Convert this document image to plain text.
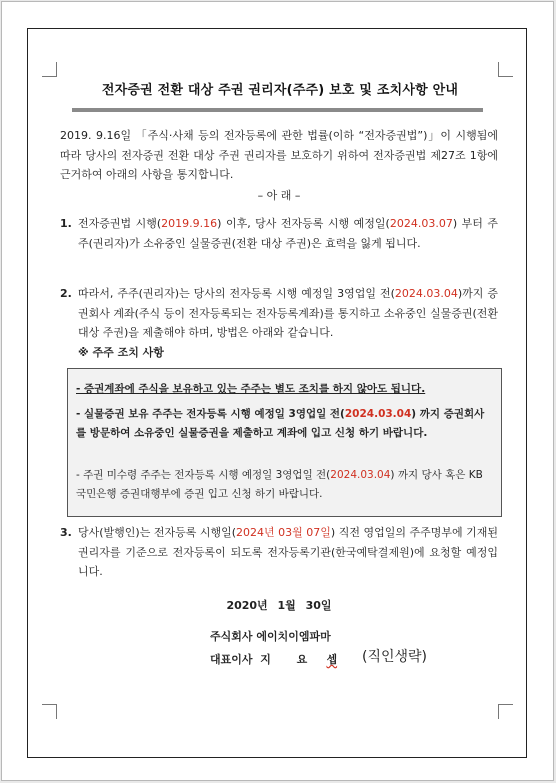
전자증권 전환 대상 주권 권리자(주주) 보호 및 조치사항 안내
2019. 9.16일 「주식·사채 등의 전자등록에 관한 법률(이하 “전자증권법”)」이 시행됨에 따라 당사의 전자증권 전환 대상 주권 권리자를 보호하기 위하여 전자증권법 제27조 1항에 근거하여 아래의 사항을 통지합니다.
– 아 래 –
1. 전자증권법 시행(2019.9.16) 이후, 당사 전자등록 시행 예정일(2024.03.07) 부터 주주(권리자)가 소유중인 실물증권(전환 대상 주권)은 효력을 잃게 됩니다.
2. 따라서, 주주(권리자)는 당사의 전자등록 시행 예정일 3영업일 전(2024.03.04)까지 증권회사 계좌(주식 등이 전자등록되는 전자등록계좌)를 통지하고 소유중인 실물증권(전환 대상 주권)을 제출해야 하며, 방법은 아래와 같습니다.
※ 주주 조치 사항
- 증권계좌에 주식을 보유하고 있는 주주는 별도 조치를 하지 않아도 됩니다.
- 실물증권 보유 주주는 전자등록 시행 예정일 3영업일 전(2024.03.04) 까지 증권회사를 방문하여 소유중인 실물증권을 제출하고 계좌에 입고 신청 하기 바랍니다.
- 주권 미수령 주주는 전자등록 시행 예정일 3영업일 전(2024.03.04) 까지 당사 혹은 KB국민은행 증권대행부에 증권 입고 신청 하기 바랍니다.
3. 당사(발행인)는 전자등록 시행일(2024년 03월 07일) 직전 영업일의 주주명부에 기재된 권리자를 기준으로 전자등록이 되도록 전자등록기관(한국예탁결제원)에 요청할 예정입니다.
2020년 1월 30일
주식회사 에이치이엠파마
대표이사 지 요 셉 (직인생략)
